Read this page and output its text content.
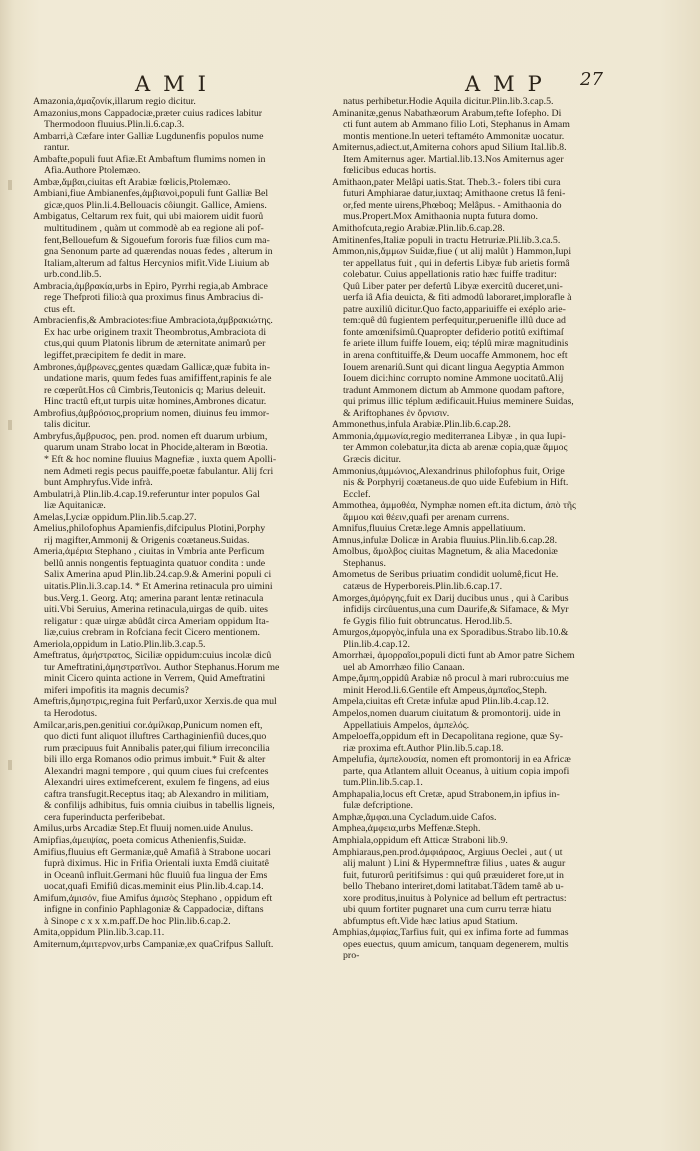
AMI	AMP 27
Amazonia,ἀμαζονίκ,illarum regio dicitur.
Amazonius,mons Cappadociæ,præter cuius radices labitur
Thermodoon fluuius.Plin.li.6.cap.3.
Ambarri,à Cæfare inter Galliæ Lugdunenfis populos nume
rantur.
Ambafte,populi fuut Afiæ.Et Ambaftum flumims nomen in
Afia.Authore Ptolemæo.
Ambæ,ἄμβαι,ciuitas eft Arabiæ fœlicis,Ptolemæo.
Ambiani,fiue Ambianenfes,ἀμβιανοὶ,populi funt Galliæ Bel
gicæ,quos Plin.li.4.Bellouacis côiungit. Gallice, Amiens.
Ambigatus, Celtarum rex fuit, qui ubi maiorem uidit fuorů
multitudinem , quàm ut commodè ab ea regione ali pof-
fent,Bellouefum & Sigouefum fororis fuæ filios cum ma-
gna Senonum parte ad quærendas nouas fedes , alterum in
Italiam,alterum ad faltus Hercynios mifit.Vide Liuium ab
urb.cond.lib.5.
Ambracia,ἀμβρακία,urbs in Epiro, Pyrrhi regia,ab Ambrace
rege Thefproti filio:à qua proximus finus Ambracius di-
ctus eft.
Ambracienfis,& Ambraciotes:fiue Ambraciota,ἀμβρακιώτης.
Ex hac urbe originem traxit Theombrotus,Ambraciota di
ctus,qui quum Platonis librum de æternitate animarů per
legiffet,præcipitem fe dedit in mare.
Ambrones,ἀμβρωνες,gentes quædam Gallicæ,quæ fubita in-
undatione maris, quum fedes fuas amififfent,rapinis fe ale
re cœperůt.Hos cû Cimbris,Teutonicis q; Marius deleuit.
Hinc tractû eft,ut turpis uitæ homines,Ambrones dicatur.
Ambrofius,ἀμβρόσιος,proprium nomen, diuinus feu immor-
talis dicitur.
Ambryfus,ἄμβρυσος, pen. prod. nomen eft duarum urbium,
quarum unam Strabo locat in Phocide,alteram in Bœotia.
* Eft & hoc nomine fluuius Magnefiæ , iuxta quem Apolli-
nem Admeti regis pecus pauiffe,poetæ fabulantur. Alij fcri
bunt Amphryfus.Vide infrà.
Ambulatri,à Plin.lib.4.cap.19.referuntur inter populos Gal
liæ Aquitanicæ.
Amelas,Lyciæ oppidum.Plin.lib.5.cap.27.
Amelius,philofophus Apamienfis,difcipulus Plotini,Porphy
rij magifter,Ammonij & Origenis coætaneus.Suidas.
Ameria,ἀμέρια Stephano , ciuitas in Vmbria ante Perficum
bellů annis nongentis feptuaginta quatuor condita : unde
Salix Amerina apud Plin.lib.24.cap.9.& Amerini populi ci
uitatis.Plin.li.3.cap.14. * Et Amerina retinacula pro uimini
bus.Verg.1. Georg. Atq; amerina parant lentæ retinacula
uiti.Vbi Seruius, Amerina retinacula,uirgas de quib. uites
religatur : quæ uirgæ abûdât circa Ameriam oppidum Ita-
liæ,cuius crebram in Rofciana fecit Cicero mentionem.
Ameriola,oppidum in Latio.Plin.lib.3.cap.5.
Ameftratus, ἀμήστρατος, Siciliæ oppidum:cuius incolæ dicû
tur Ameftratini,ἀμηστρατῖνοι. Author Stephanus.Horum me
minit Cicero quinta actione in Verrem, Quid Ameftratini
miferi impofitis ita magnis decumis?
Ameftris,ἄμηστρις,regina fuit Perfarů,uxor Xerxis.de qua mul
ta Herodotus.
Amilcar,aris,pen.genitiui cor.ἀμίλκαρ,Punicum nomen eft,
quo dicti funt aliquot illuftres Carthaginienfiû duces,quo
rum præcipuus fuit Annibalis pater,qui filium irreconcilia
bili illo erga Romanos odio primus imbuit.* Fuit & alter
Alexandri magni tempore , qui quum ciues fui crefcentes
Alexandri uires extimefcerent, exulem fe fingens, ad eius
caftra transfugit.Receptus itaq; ab Alexandro in militiam,
& confilijs adhibitus, fuis omnia ciuibus in tabellis ligneis,
cera fuperinducta perferibebat.
Amilus,urbs Arcadiæ Step.Et fluuij nomen.uide Anulus.
Amipfias,ἀμειψίας, poeta comicus Athenienfis,Suidæ.
Amifius,fluuius eft Germaniæ,quê Amafiâ à Strabone uocari
fuprà diximus. Hic in Frifia Orientali iuxta Emdâ ciuitatê
in Oceanû influit.Germani hûc fluuiû fua lingua der Ems
uocat,quafi Emifiû dicas.meminit eius Plin.lib.4.cap.14.
Amifum,ἀμισόν, fiue Amifus ἀμισὸς Stephano , oppidum eft
infigne in confinio Paphlagoniæ & Cappadociæ, diftans
à Sinope c x x x.m.paff.De hoc Plin.lib.6.cap.2.
Amita,oppidum Plin.lib.3.cap.11.
Amiternum,ἀμιτερνον,urbs Campaniæ,ex quaCrifpus Salluſt.
natus perhibetur.Hodie Aquila dicitur.Plin.lib.3.cap.5.
Aminanitæ,genus Nabathæorum Arabum,tefte Iofepho. Di
cti funt autem ab Ammano filio Loti, Stephanus in Amam
montis mentione.In ueteri teftaméto Ammonitæ uocatur.
Amiternus,adiect.ut,Amiterna cohors apud Silium Ital.lib.8.
Item Amiternus ager. Martial.lib.13.Nos Amiternus ager
fœlicibus educas hortis.
Amithaon,pater Melâpi uatis.Stat. Theb.3.- folers tibi cura
futuri Amphiarae datur,iuxtaq; Amithaone cretus Iâ feni-
or,fed mente uirens,Phœboq; Melâpus. - Amithaonia do
mus.Propert.Mox Amithaonia nupta futura domo.
Amithofcuta,regio Arabiæ.Plin.lib.6.cap.28.
Amitinenfes,Italiæ populi in tractu Hetruriæ.Pli.lib.3.ca.5.
Ammon,nis,ἄμμων Suidæ,fiue ( ut alij malût ) Hammon,Iupi
ter appellatus fuit , qui in defertis Libyæ fub arietis formâ
colebatur. Cuius appellationis ratio hæc fuiffe traditur:
Quû Liber pater per defertû Libyæ exercitû duceret,uni-
uerfa iâ Afia deuicta, & fiti admodû laboraret,implorafle à
patre auxiliû dicitur.Quo facto,appariuiffe ei exéplo arie-
tem:quê dû fugientem perfequitur,peruenifle illû duce ad
fonte amœnifsimû.Quapropter defiderio potitû exiftimaſ
fe ariete illum fuiffe Iouem, eiq; téplû miræ magnitudinis
in arena conftituiffe,& Deum uocaffe Ammonem, hoc eft
Iouem arenariû.Sunt qui dicant lingua Aegyptia Ammon
Iouem dici:hinc corrupto nomine Ammone uocitatû.Alij
tradunt Ammonem dictum ab Ammone quodam paftore,
qui primus illic téplum ædificauit.Huius meminere Suidas,
& Ariftophanes ἐν ὄρνισιν.
Ammonethus,infula Arabiæ.Plin.lib.6.cap.28.
Ammonia,ἀμμωνία,regio mediterranea Libyæ , in qua Iupi-
ter Ammon colebatur,ita dicta ab arenæ copia,quæ ἄμμος
Græcis dicitur.
Ammonius,ἀμμώνιος,Alexandrinus philofophus fuit, Orige
nis & Porphyrij coætaneus.de quo uide Eufebium in Hift.
Ecclef.
Ammothea, ἀμμοθέα, Nymphæ nomen eft.ita dictum, ἀπὸ τῆς
ἄμμου καὶ θέειν,quafi per arenam currens.
Amnifus,fluuius Cretæ.lege Amnis appellatiuum.
Amnus,infulæ Dolicæ in Arabia fluuius.Plin.lib.6.cap.28.
Amolbus, ἄμολβος ciuitas Magnetum, & alia Macedoniæ
Stephanus.
Amometus de Seribus priuatim condidit uolumê,ficut He.
catæus de Hyperboreis.Plin.lib.6.cap.17.
Amorges,ἀμόργης,fuit ex Darij ducibus unus , qui à Caribus
infidijs circûuentus,una cum Daurife,& Sifamace, & Myr
fe Gygis filio fuit obtruncatus. Herod.lib.5.
Amurgos,ἀμοργὸς,infula una ex Sporadibus.Strabo lib.10.&
Plin.lib.4.cap.12.
Amorrhæi, ἀμορραῖοι,populi dicti funt ab Amor patre Sichem
uel ab Amorrhæo filio Canaan.
Ampe,ἄμπη,oppidû Arabiæ nô procul à mari rubro:cuius me
minit Herod.li.6.Gentile eft Ampeus,ἀμπαῖος,Steph.
Ampela,ciuitas eft Cretæ infulæ apud Plin.lib.4.cap.12.
Ampelos,nomen duarum ciuitatum & promontorij. uide in
Appellatiuis Ampelos, ἀμπελός.
Ampeloeffa,oppidum eft in Decapolitana regione, quæ Sy-
riæ proxima eft.Author Plin.lib.5.cap.18.
Ampelufia, ἀμπελουσία, nomen eft promontorij in ea Africæ
parte, qua Atlantem alluit Oceanus, à uitium copia impofi
tum.Plin.lib.5.cap.1.
Amphapalia,locus eft Cretæ, apud Strabonem,in ipfius in-
fulæ defcriptione.
Amphæ,ἄμφαι.una Cycladum.uide Cafos.
Amphea,ἀμφεια,urbs Meffenæ.Steph.
Amphiala,oppidum eft Atticæ Straboni lib.9.
Amphiaraus,pen.prod.ἀμφιάραος, Argiuus Oeclei , aut ( ut
alij malunt ) Lini & Hypermneftræ filius , uates & augur
fuit, futurorû peritifsimus : qui quû præuideret fore,ut in
bello Thebano interiret,domi latitabat.Tâdem tamê ab u-
xore proditus,inuitus à Polynice ad bellum eft pertractus:
ubi quum fortiter pugnaret una cum curru terræ hiatu
abfumptus eft.Vide hæc latius apud Statium.
Amphias,ἀμφίας,Tarfius fuit, qui ex infima forte ad fummas
opes euectus, quum amicum, tanquam degenerem, multis
pro-
